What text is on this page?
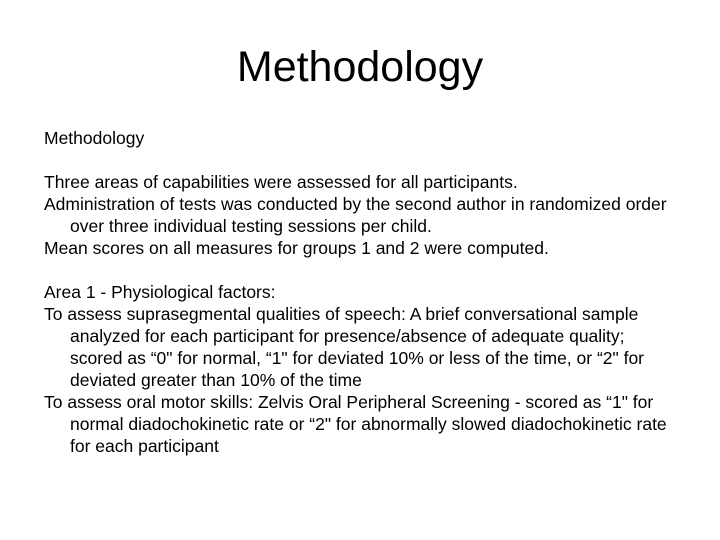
Methodology

Methodology

Three areas of capabilities were assessed for all participants.

Administration of tests was conducted by the second author in randomized order over three individual testing sessions per child.

Mean scores on all measures for groups 1 and 2 were computed.

Area 1 - Physiological factors:

To assess suprasegmental qualities of speech: A brief conversational sample analyzed for each participant for presence/absence of adequate quality; scored as “0" for normal, “1" for deviated 10% or less of the time, or “2" for deviated greater than 10% of the time

To assess oral motor skills: Zelvis Oral Peripheral Screening - scored as “1" for normal diadochokinetic rate or “2" for abnormally slowed diadochokinetic rate for each participant
